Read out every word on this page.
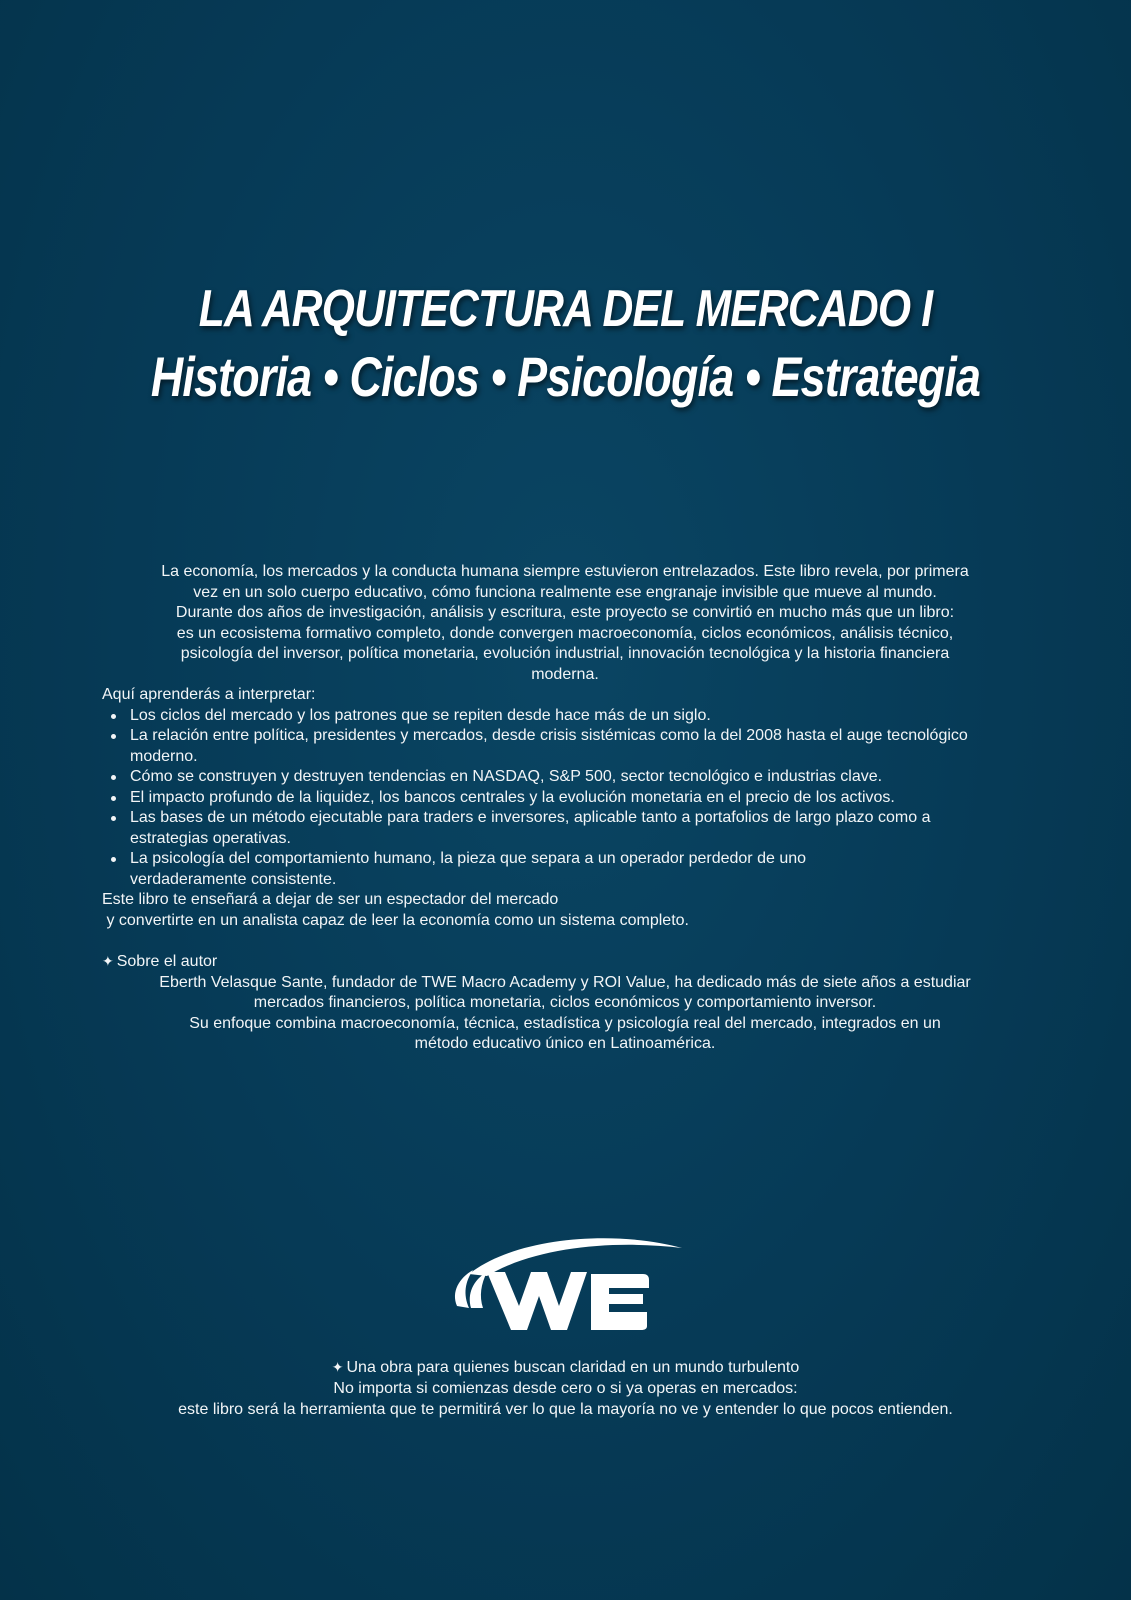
LA ARQUITECTURA DEL MERCADO I
Historia • Ciclos • Psicología • Estrategia

La economía, los mercados y la conducta humana siempre estuvieron entrelazados. Este libro revela, por primera

vez en un solo cuerpo educativo, cómo funciona realmente ese engranaje invisible que mueve al mundo.

Durante dos años de investigación, análisis y escritura, este proyecto se convirtió en mucho más que un libro:

es un ecosistema formativo completo, donde convergen macroeconomía, ciclos económicos, análisis técnico,

psicología del inversor, política monetaria, evolución industrial, innovación tecnológica y la historia financiera

moderna.

Aquí aprenderás a interpretar:

Los ciclos del mercado y los patrones que se repiten desde hace más de un siglo.
La relación entre política, presidentes y mercados, desde crisis sistémicas como la del 2008 hasta el auge tecnológico moderno.
Cómo se construyen y destruyen tendencias en NASDAQ, S&P 500, sector tecnológico e industrias clave.
El impacto profundo de la liquidez, los bancos centrales y la evolución monetaria en el precio de los activos.
Las bases de un método ejecutable para traders e inversores, aplicable tanto a portafolios de largo plazo como a estrategias operativas.
La psicología del comportamiento humano, la pieza que separa a un operador perdedor de uno verdaderamente consistente.

Este libro te enseñará a dejar de ser un espectador del mercado

y convertirte en un analista capaz de leer la economía como un sistema completo.

✦ Sobre el autor

Eberth Velasque Sante, fundador de TWE Macro Academy y ROI Value, ha dedicado más de siete años a estudiar

mercados financieros, política monetaria, ciclos económicos y comportamiento inversor.

Su enfoque combina macroeconomía, técnica, estadística y psicología real del mercado, integrados en un

método educativo único en Latinoamérica.

✦ Una obra para quienes buscan claridad en un mundo turbulento

No importa si comienzas desde cero o si ya operas en mercados:

este libro será la herramienta que te permitirá ver lo que la mayoría no ve y entender lo que pocos entienden.
